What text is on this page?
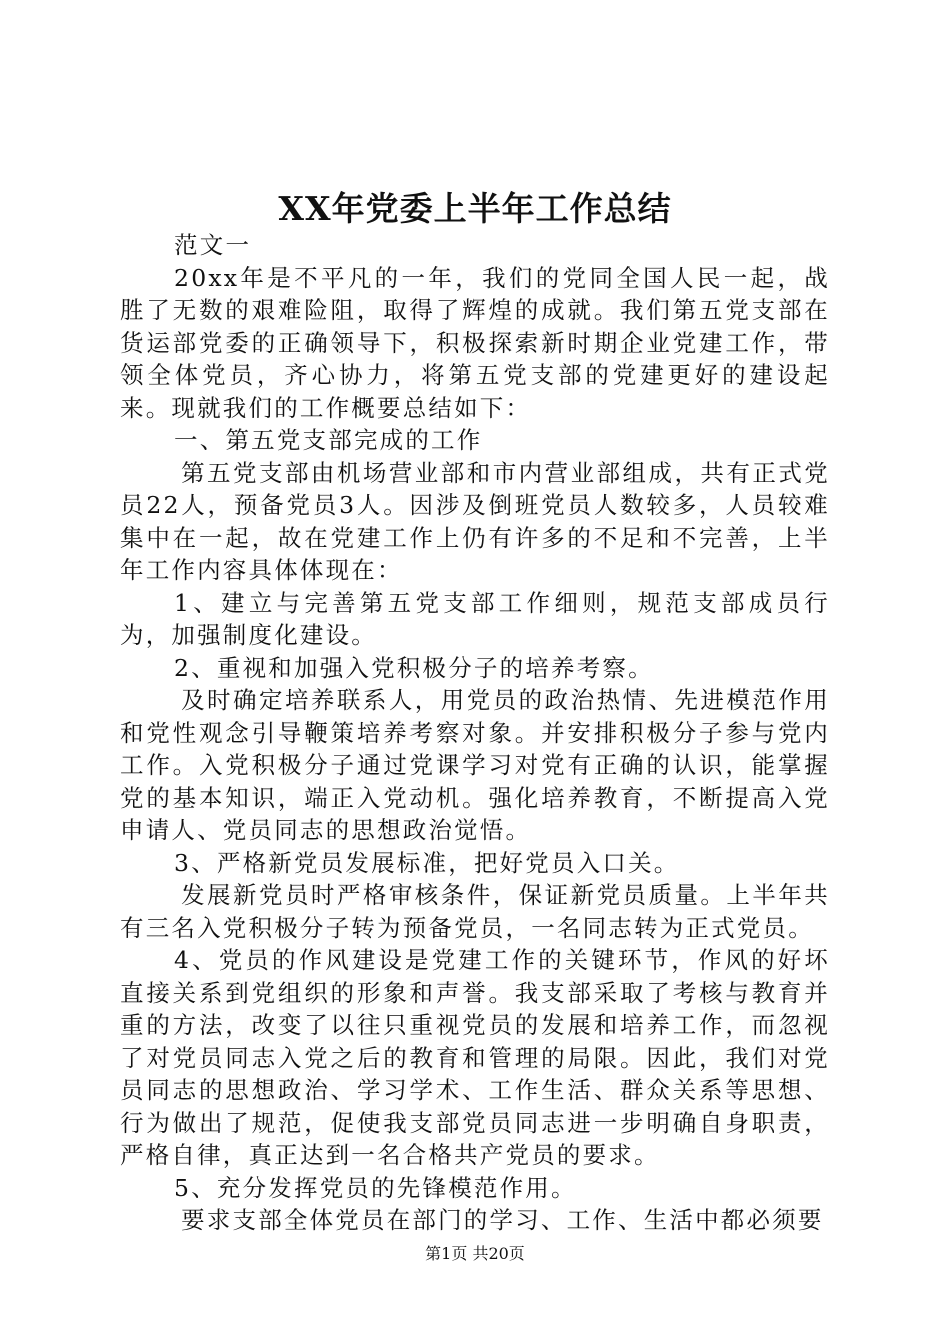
XX年党委上半年工作总结

范文一

20xx年是不平凡的一年，我们的党同全国人民一起，战胜了无数的艰难险阻，取得了辉煌的成就。我们第五党支部在货运部党委的正确领导下，积极探索新时期企业党建工作，带领全体党员，齐心协力，将第五党支部的党建更好的建设起来。现就我们的工作概要总结如下：

一、第五党支部完成的工作

第五党支部由机场营业部和市内营业部组成，共有正式党员22人，预备党员3人。因涉及倒班党员人数较多，人员较难集中在一起，故在党建工作上仍有许多的不足和不完善，上半年工作内容具体体现在：

1、建立与完善第五党支部工作细则，规范支部成员行为，加强制度化建设。

2、重视和加强入党积极分子的培养考察。

及时确定培养联系人，用党员的政治热情、先进模范作用和党性观念引导鞭策培养考察对象。并安排积极分子参与党内工作。入党积极分子通过党课学习对党有正确的认识，能掌握党的基本知识，端正入党动机。强化培养教育，不断提高入党申请人、党员同志的思想政治觉悟。

3、严格新党员发展标准，把好党员入口关。

发展新党员时严格审核条件，保证新党员质量。上半年共有三名入党积极分子转为预备党员，一名同志转为正式党员。

4、党员的作风建设是党建工作的关键环节，作风的好坏直接关系到党组织的形象和声誉。我支部采取了考核与教育并重的方法，改变了以往只重视党员的发展和培养工作，而忽视了对党员同志入党之后的教育和管理的局限。因此，我们对党员同志的思想政治、学习学术、工作生活、群众关系等思想、行为做出了规范，促使我支部党员同志进一步明确自身职责，严格自律，真正达到一名合格共产党员的要求。

5、充分发挥党员的先锋模范作用。

要求支部全体党员在部门的学习、工作、生活中都必须要

第1页 共20页
